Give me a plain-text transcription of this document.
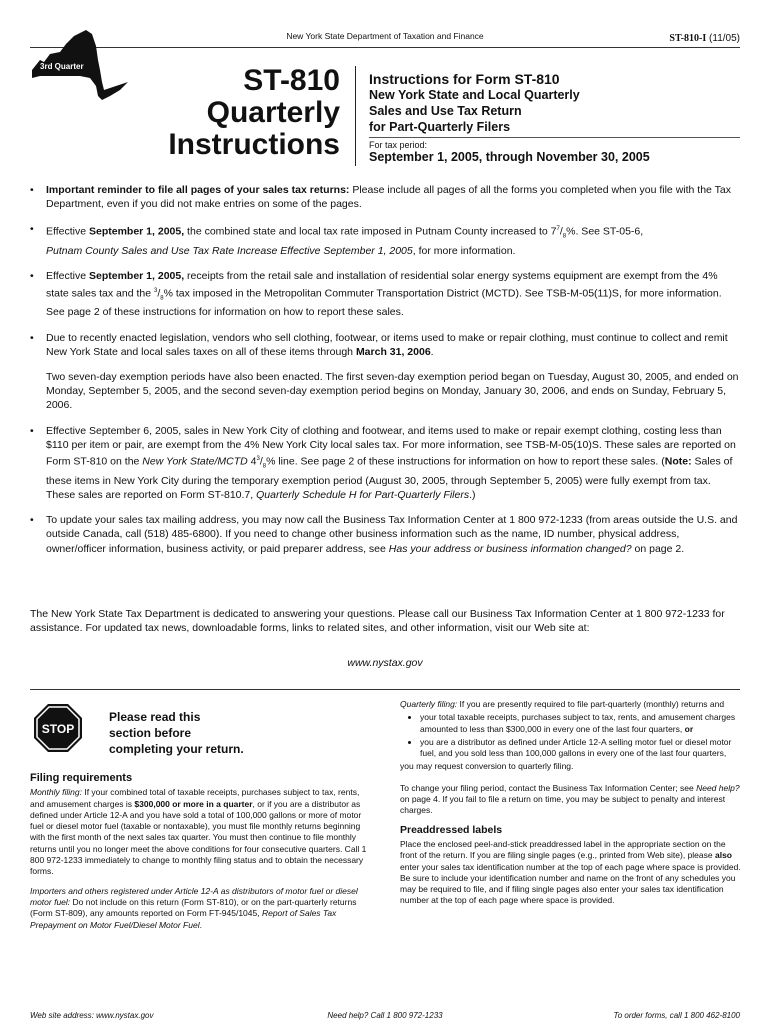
New York State Department of Taxation and Finance	ST-810-I (11/05)
3rd Quarter	ST-810
Quarterly
Instructions
Instructions for Form ST-810
New York State and Local Quarterly
Sales and Use Tax Return
for Part-Quarterly Filers
For tax period:
September 1, 2005, through November 30, 2005
• Important reminder to file all pages of your sales tax returns: Please include all pages of all the forms you completed when you file with the Tax Department, even if you did not make entries on some of the pages.
• Effective September 1, 2005, the combined state and local tax rate imposed in Putnam County increased to $7^7/_8\%$. See ST-05-6,
Putnam County Sales and Use Tax Rate Increase Effective September 1, 2005, for more information.
• Effective September 1, 2005, receipts from the retail sale and installation of residential solar energy systems equipment are exempt from the 4% state sales tax and the $^3/_8\%$ tax imposed in the Metropolitan Commuter Transportation District (MCTD). See TSB-M-05(11)S, for more information. See page 2 of these instructions for information on how to report these sales.
• Due to recently enacted legislation, vendors who sell clothing, footwear, or items used to make or repair clothing, must continue to collect and remit New York State and local sales taxes on all of these items through March 31, 2006.
Two seven-day exemption periods have also been enacted. The first seven-day exemption period began on Tuesday, August 30, 2005, and ended on Monday, September 5, 2005, and the second seven-day exemption period begins on Monday, January 30, 2006, and ends on Sunday, February 5, 2006.
• Effective September 6, 2005, sales in New York City of clothing and footwear, and items used to make or repair exempt clothing, costing less than $110 per item or pair, are exempt from the 4% New York City local sales tax. For more information, see TSB-M-05(10)S. These sales are reported on Form ST-810 on the New York State/MCTD $4^3/_8\%$ line. See page 2 of these instructions for information on how to report these sales. (Note: Sales of these items in New York City during the temporary exemption period (August 30, 2005, through September 5, 2005) were fully exempt from tax. These sales are reported on Form ST-810.7, Quarterly Schedule H for Part-Quarterly Filers.)
• To update your sales tax mailing address, you may now call the Business Tax Information Center at 1 800 972-1233 (from areas outside the U.S. and outside Canada, call (518) 485-6800). If you need to change other business information such as the name, ID number, physical address, owner/officer information, business activity, or paid preparer address, see Has your address or business information changed? on page 2.
The New York State Tax Department is dedicated to answering your questions. Please call our Business Tax Information Center at 1 800 972-1233 for assistance. For updated tax news, downloadable forms, links to related sites, and other information, visit our Web site at:
www.nystax.gov
STOP
Please read this
section before
completing your return.
Filing requirements

Monthly filing: If your combined total of taxable receipts, purchases subject to tax, rents, and amusement charges is $300,000 or more in a quarter, or if you are a distributor as defined under Article 12-A and you have sold a total of 100,000 gallons or more of motor fuel or diesel motor fuel (taxable or nontaxable), you must file monthly returns beginning with the first month of the next sales tax quarter. You must then continue to file monthly returns until you no longer meet the above conditions for four consecutive quarters. Call 1 800 972-1233 immediately to change to monthly filing status and to obtain the necessary forms.

Importers and others registered under Article 12-A as distributors of motor fuel or diesel motor fuel: Do not include on this return (Form ST-810), or on the part-quarterly returns (Form ST-809), any amounts reported on Form FT-945/1045, Report of Sales Tax Prepayment on Motor Fuel/Diesel Motor Fuel.

Quarterly filing: If you are presently required to file part-quarterly (monthly) returns and

• your total taxable receipts, purchases subject to tax, rents, and amusement charges amounted to less than $300,000 in every one of the last four quarters, or
• you are a distributor as defined under Article 12-A selling motor fuel or diesel motor fuel, and you sold less than 100,000 gallons in every one of the last four quarters,

you may request conversion to quarterly filing.

To change your filing period, contact the Business Tax Information Center; see Need help? on page 4. If you fail to file a return on time, you may be subject to penalty and interest charges.

Preaddressed labels

Place the enclosed peel-and-stick preaddressed label in the appropriate section on the front of the return. If you are filing single pages (e.g., printed from Web site), please also enter your sales tax identification number at the top of each page where space is provided. Be sure to include your identification number and name on the front of any schedules you may be required to file, and if filing single pages also enter your sales tax identification number at the top of each page where space is provided.

Web site address: www.nystax.gov	Need help? Call 1 800 972-1233	To order forms, call 1 800 462-8100
